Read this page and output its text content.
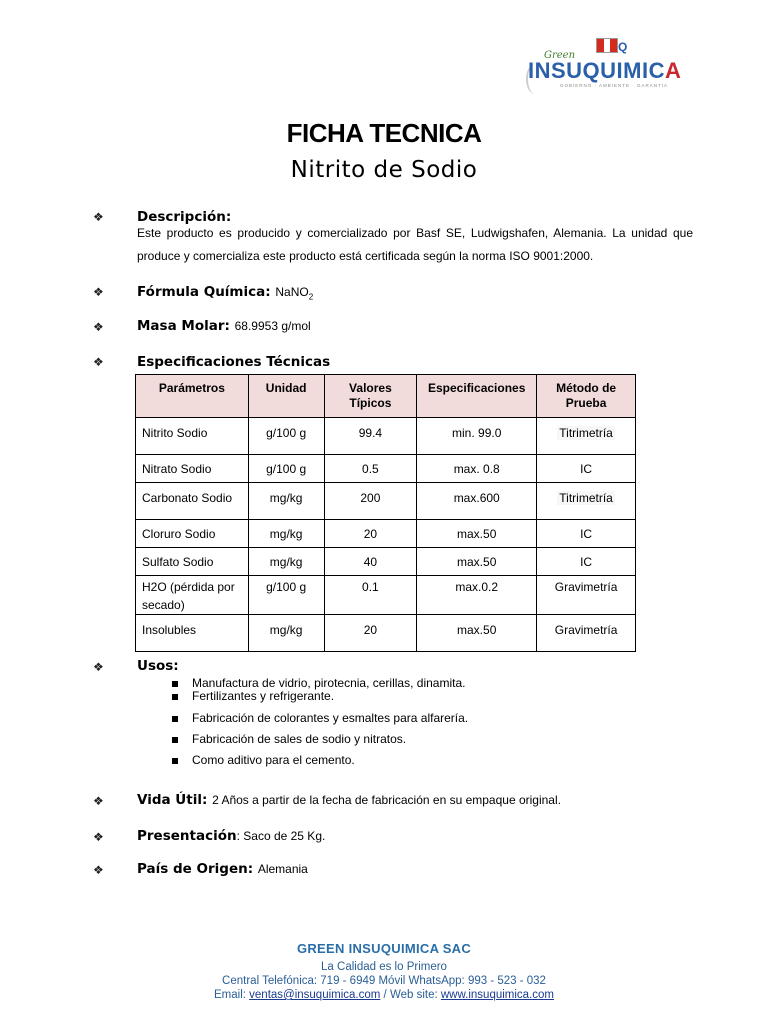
Q
Green
INSUQUIMICA
GOBIERNO · AMBIENTE · GARANTÍA
FICHA TECNICA
Nitrito de Sodio
❖ Descripción:
Este producto es producido y comercializado por Basf SE, Ludwigshafen, Alemania. La unidad que produce y comercializa este producto está certificada según la norma ISO 9001:2000.
❖ Fórmula Química: NaNO$_2$
❖ Masa Molar: 68.9953 g/mol
❖ Especificaciones Técnicas
Parámetros	Unidad	Valores Típicos	Especificaciones	Método de Prueba
Nitrito Sodio	g/100 g	99.4	min. 99.0	Titrimetría
Nitrato Sodio	g/100 g	0.5	max. 0.8	IC
Carbonato Sodio	mg/kg	200	max.600	Titrimetría
Cloruro Sodio	mg/kg	20	max.50	IC
Sulfato Sodio	mg/kg	40	max.50	IC
H2O (pérdida por secado)	g/100 g	0.1	max.0.2	Gravimetría
Insolubles	mg/kg	20	max.50	Gravimetría
❖ Usos:
Manufactura de vidrio, pirotecnia, cerillas, dinamita.
Fertilizantes y refrigerante.
Fabricación de colorantes y esmaltes para alfarería.
Fabricación de sales de sodio y nitratos.
Como aditivo para el cemento.
❖ Vida Útil: 2 Años a partir de la fecha de fabricación en su empaque original.
❖ Presentación: Saco de 25 Kg.
❖ País de Origen: Alemania
GREEN INSUQUIMICA SAC
La Calidad es lo Primero
Central Telefónica: 719 - 6949 Móvil WhatsApp: 993 - 523 - 032
Email: ventas@insuquimica.com / Web site: www.insuquimica.com
